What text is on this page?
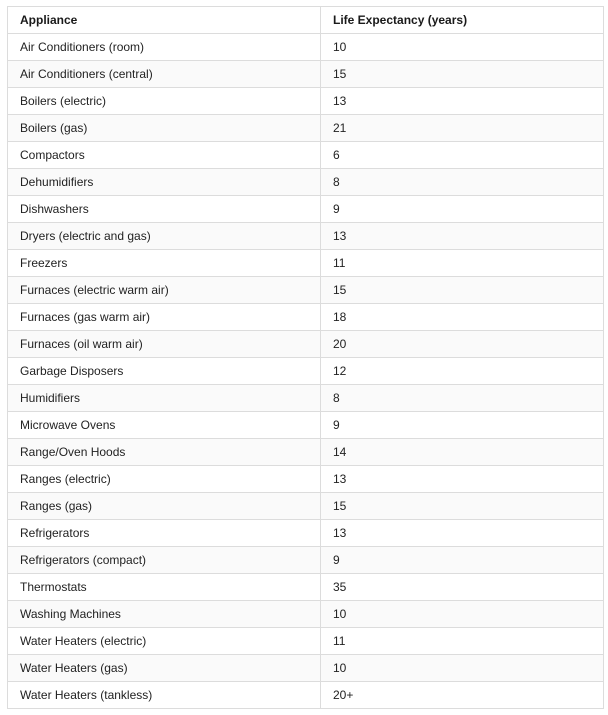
Appliance	Life Expectancy (years)
Air Conditioners (room)	10
Air Conditioners (central)	15
Boilers (electric)	13
Boilers (gas)	21
Compactors	6
Dehumidifiers	8
Dishwashers	9
Dryers (electric and gas)	13
Freezers	11
Furnaces (electric warm air)	15
Furnaces (gas warm air)	18
Furnaces (oil warm air)	20
Garbage Disposers	12
Humidifiers	8
Microwave Ovens	9
Range/Oven Hoods	14
Ranges (electric)	13
Ranges (gas)	15
Refrigerators	13
Refrigerators (compact)	9
Thermostats	35
Washing Machines	10
Water Heaters (electric)	11
Water Heaters (gas)	10
Water Heaters (tankless)	20+
